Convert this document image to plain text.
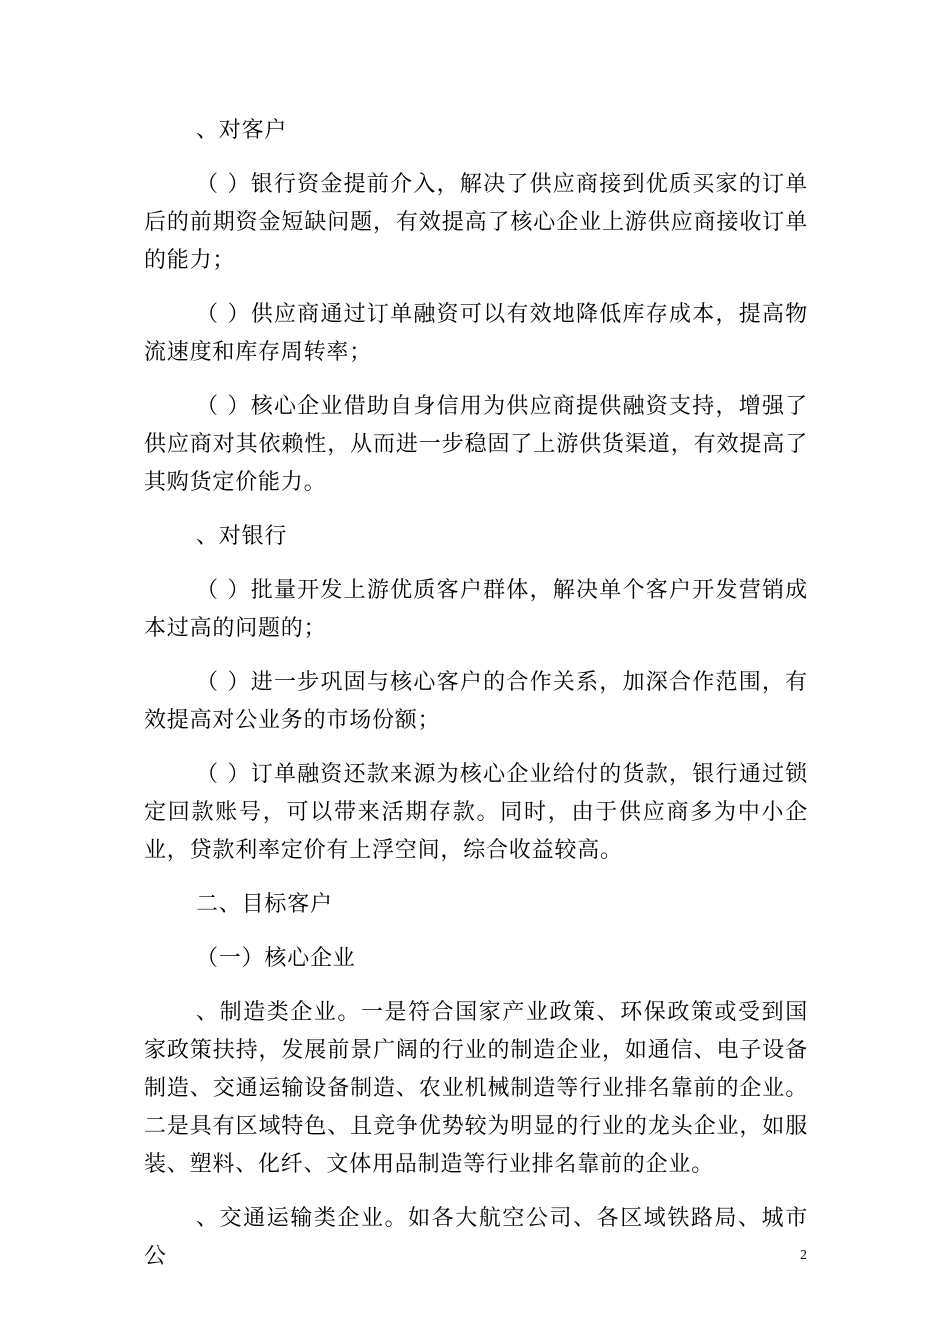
、对客户

（ ）银行资金提前介入，解决了供应商接到优质买家的订单后的前期资金短缺问题，有效提高了核心企业上游供应商接收订单的能力；

（ ）供应商通过订单融资可以有效地降低库存成本，提高物流速度和库存周转率；

（ ）核心企业借助自身信用为供应商提供融资支持，增强了供应商对其依赖性，从而进一步稳固了上游供货渠道，有效提高了其购货定价能力。

、对银行

（ ）批量开发上游优质客户群体，解决单个客户开发营销成本过高的问题的；

（ ）进一步巩固与核心客户的合作关系，加深合作范围，有效提高对公业务的市场份额；

（ ）订单融资还款来源为核心企业给付的货款，银行通过锁定回款账号，可以带来活期存款。同时，由于供应商多为中小企业，贷款利率定价有上浮空间，综合收益较高。

二、目标客户

（一）核心企业

、制造类企业。一是符合国家产业政策、环保政策或受到国家政策扶持，发展前景广阔的行业的制造企业，如通信、电子设备制造、交通运输设备制造、农业机械制造等行业排名靠前的企业。二是具有区域特色、且竞争优势较为明显的行业的龙头企业，如服装、塑料、化纤、文体用品制造等行业排名靠前的企业。

、交通运输类企业。如各大航空公司、各区域铁路局、城市公	2
